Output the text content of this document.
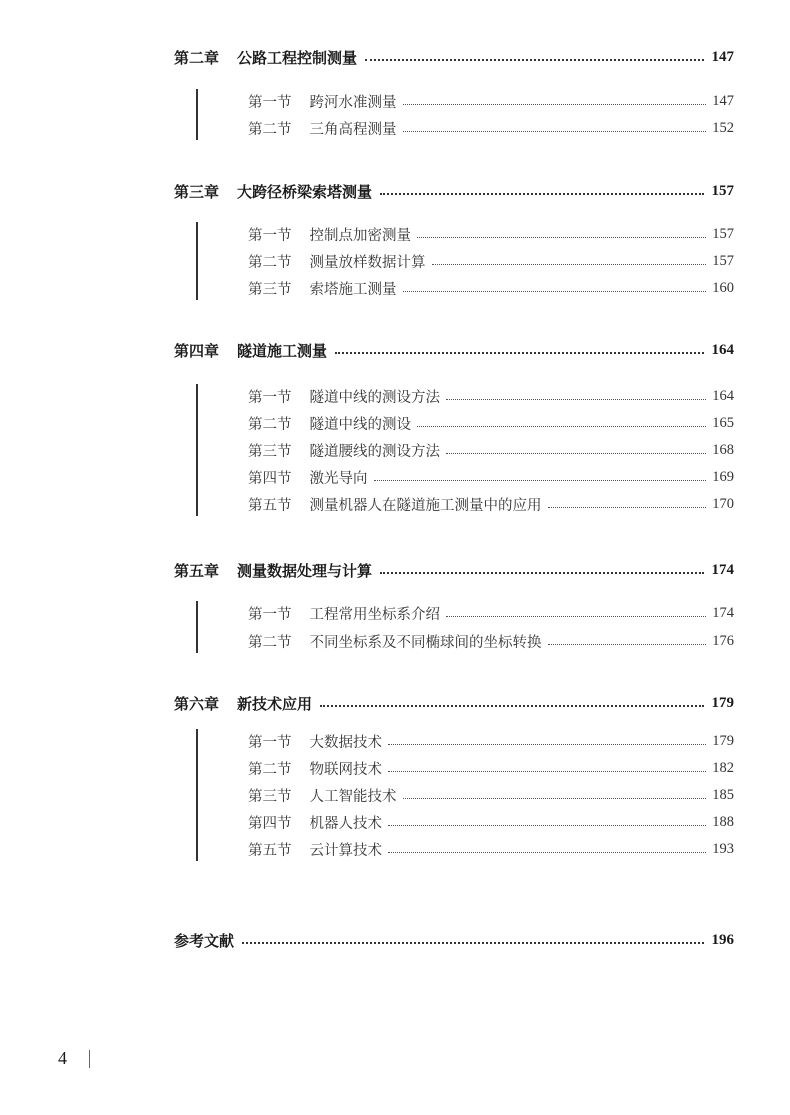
第二章 公路工程控制测量	147
第一节 跨河水准测量	147
第二节 三角高程测量	152
第三章 大跨径桥梁索塔测量	157
第一节 控制点加密测量	157
第二节 测量放样数据计算	157
第三节 索塔施工测量	160
第四章 隧道施工测量	164
第一节 隧道中线的测设方法	164
第二节 隧道中线的测设	165
第三节 隧道腰线的测设方法	168
第四节 激光导向	169
第五节 测量机器人在隧道施工测量中的应用	170
第五章 测量数据处理与计算	174
第一节 工程常用坐标系介绍	174
第二节 不同坐标系及不同椭球间的坐标转换	176
第六章 新技术应用	179
第一节 大数据技术	179
第二节 物联网技术	182
第三节 人工智能技术	185
第四节 机器人技术	188
第五节 云计算技术	193
参考文献	196
4
